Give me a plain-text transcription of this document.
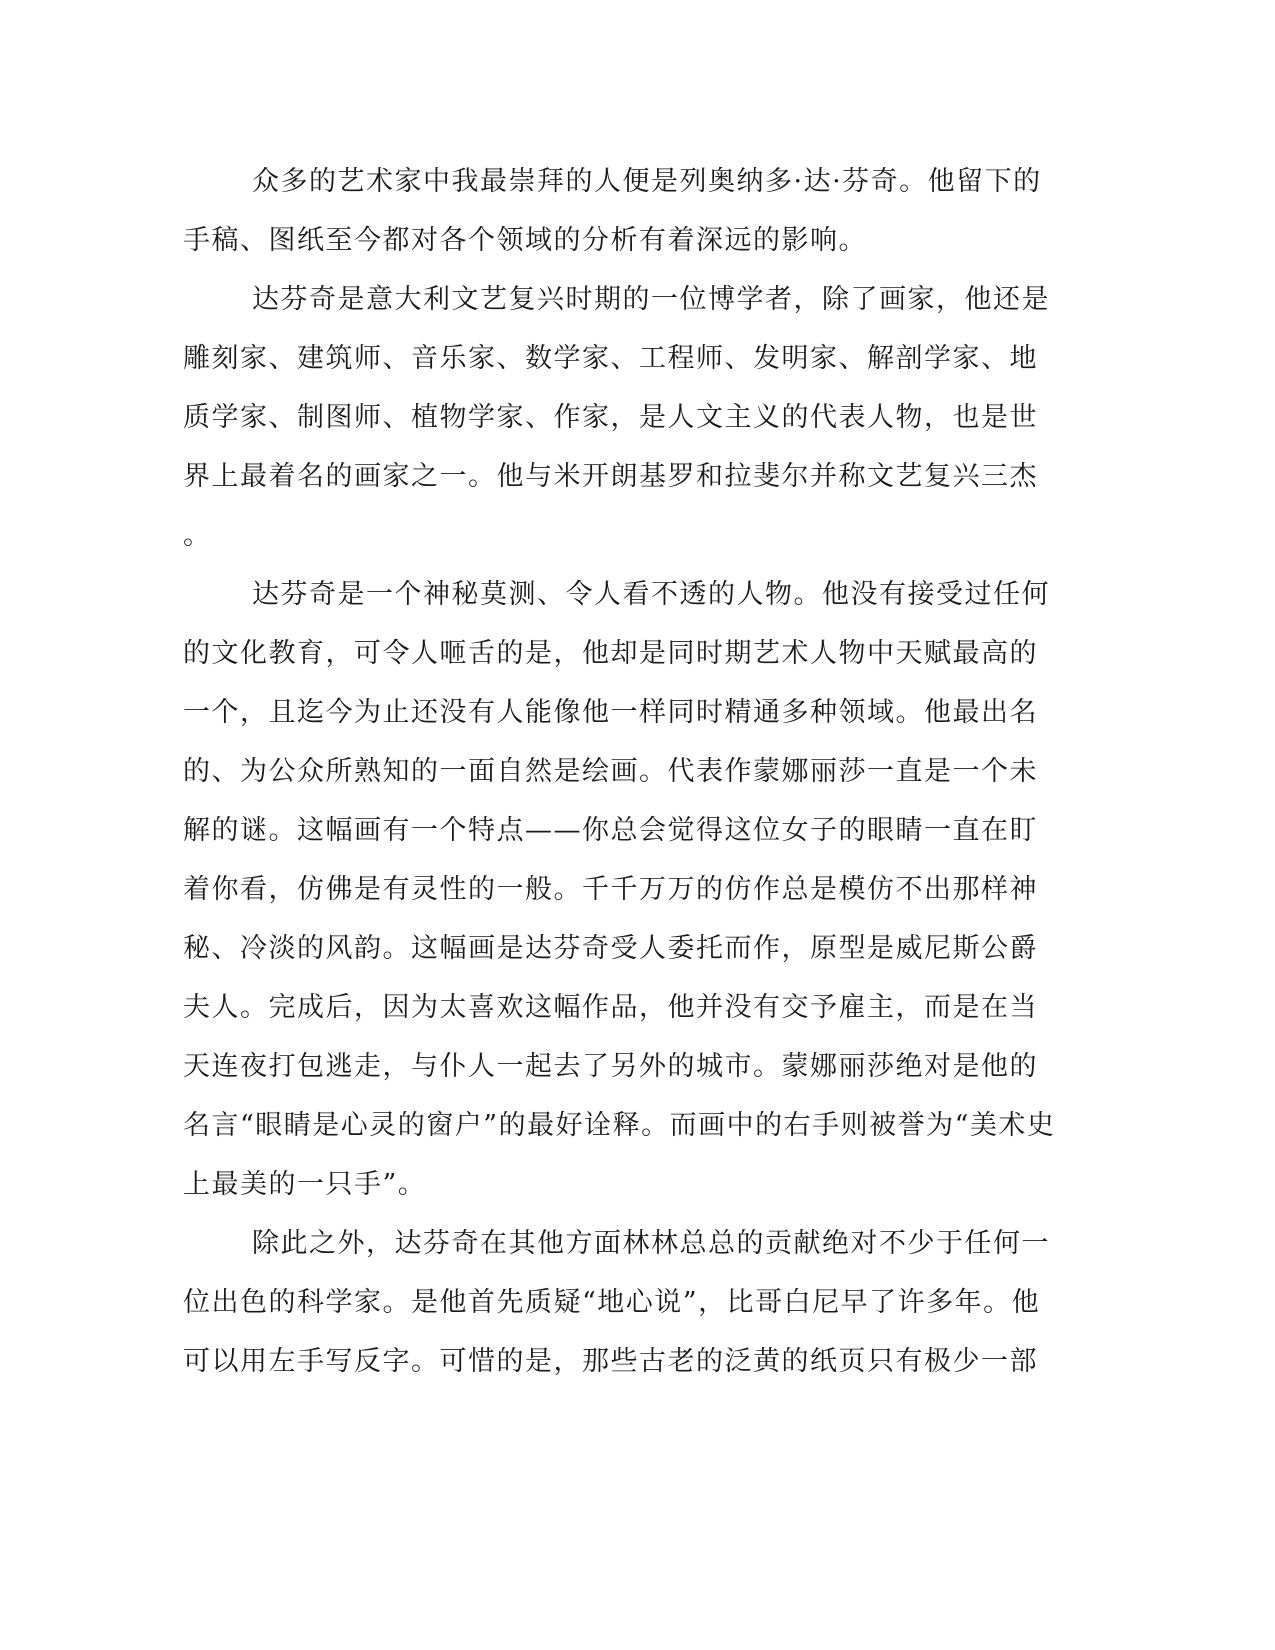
众多的艺术家中我最崇拜的人便是列奥纳多·达·芬奇。他留下的
手稿、图纸至今都对各个领域的分析有着深远的影响。
达芬奇是意大利文艺复兴时期的一位博学者，除了画家，他还是
雕刻家、建筑师、音乐家、数学家、工程师、发明家、解剖学家、地
质学家、制图师、植物学家、作家，是人文主义的代表人物，也是世
界上最着名的画家之一。他与米开朗基罗和拉斐尔并称文艺复兴三杰
。
达芬奇是一个神秘莫测、令人看不透的人物。他没有接受过任何
的文化教育，可令人咂舌的是，他却是同时期艺术人物中天赋最高的
一个，且迄今为止还没有人能像他一样同时精通多种领域。他最出名
的、为公众所熟知的一面自然是绘画。代表作蒙娜丽莎一直是一个未
解的谜。这幅画有一个特点——你总会觉得这位女子的眼睛一直在盯
着你看，仿佛是有灵性的一般。千千万万的仿作总是模仿不出那样神
秘、冷淡的风韵。这幅画是达芬奇受人委托而作，原型是威尼斯公爵
夫人。完成后，因为太喜欢这幅作品，他并没有交予雇主，而是在当
天连夜打包逃走，与仆人一起去了另外的城市。蒙娜丽莎绝对是他的
名言“眼睛是心灵的窗户”的最好诠释。而画中的右手则被誉为“美术史
上最美的一只手”。
除此之外，达芬奇在其他方面林林总总的贡献绝对不少于任何一
位出色的科学家。是他首先质疑“地心说”，比哥白尼早了许多年。他
可以用左手写反字。可惜的是，那些古老的泛黄的纸页只有极少一部
